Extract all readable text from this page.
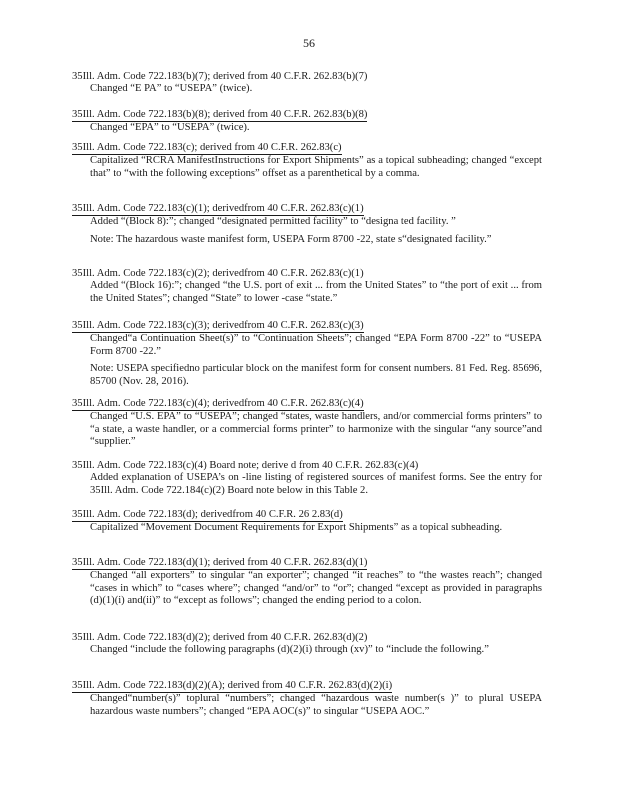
56
35Ill. Adm. Code 722.183(b)(7); derived from 40 C.F.R. 262.83(b)(7)
Changed “E PA” to “USEPA” (twice).
35Ill. Adm. Code 722.183(b)(8); derived from 40 C.F.R. 262.83(b)(8)
Changed “EPA” to “USEPA” (twice).
35Ill. Adm. Code 722.183(c); derived from 40 C.F.R. 262.83(c)
Capitalized “RCRA ManifestInstructions for Export Shipments” as a topical subheading; changed “except that” to “with the following exceptions” offset as a parenthetical by a comma.
35Ill. Adm. Code 722.183(c)(1); derivedfrom 40 C.F.R. 262.83(c)(1)
Added “(Block 8):”; changed “designated permitted facility” to “designa ted facility. ”
Note: The hazardous waste manifest form, USEPA Form 8700 -22, state s“designated facility.”
35Ill. Adm. Code 722.183(c)(2); derivedfrom 40 C.F.R. 262.83(c)(1)
Added “(Block 16):”; changed “the U.S. port of exit ... from the United States” to “the port of exit ... from the United States”; changed “State” to lower -case “state.”
35Ill. Adm. Code 722.183(c)(3); derivedfrom 40 C.F.R. 262.83(c)(3)
Changed“a Continuation Sheet(s)” to “Continuation Sheets”; changed “EPA Form 8700 -22” to “USEPA Form 8700 -22.”
Note: USEPA specifiedno particular block on the manifest form for consent numbers. 81 Fed. Reg. 85696, 85700 (Nov. 28, 2016).
35Ill. Adm. Code 722.183(c)(4); derivedfrom 40 C.F.R. 262.83(c)(4)
Changed “U.S. EPA” to “USEPA”; changed “states, waste handlers, and/or commercial forms printers” to “a state, a waste handler, or a commercial forms printer” to harmonize with the singular “any source”and “supplier.”
35Ill. Adm. Code 722.183(c)(4) Board note; derive d from 40 C.F.R. 262.83(c)(4)
Added explanation of USEPA’s on -line listing of registered sources of manifest forms. See the entry for 35Ill. Adm. Code 722.184(c)(2) Board note below in this Table 2.
35Ill. Adm. Code 722.183(d); derivedfrom 40 C.F.R. 26 2.83(d)
Capitalized “Movement Document Requirements for Export Shipments” as a topical subheading.
35Ill. Adm. Code 722.183(d)(1); derived from 40 C.F.R. 262.83(d)(1)
Changed “all exporters” to singular “an exporter”; changed “it reaches” to “the wastes reach”; changed “cases in which” to “cases where”; changed “and/or” to “or”; changed “except as provided in paragraphs (d)(1)(i) and(ii)” to “except as follows”; changed the ending period to a colon.
35Ill. Adm. Code 722.183(d)(2); derived from 40 C.F.R. 262.83(d)(2)
Changed “include the following paragraphs (d)(2)(i) through (xv)” to “include the following.”
35Ill. Adm. Code 722.183(d)(2)(A); derived from 40 C.F.R. 262.83(d)(2)(i)
Changed“number(s)” toplural “numbers”; changed “hazardous waste number(s )” to plural USEPA hazardous waste numbers”; changed “EPA AOC(s)” to singular “USEPA AOC.”
